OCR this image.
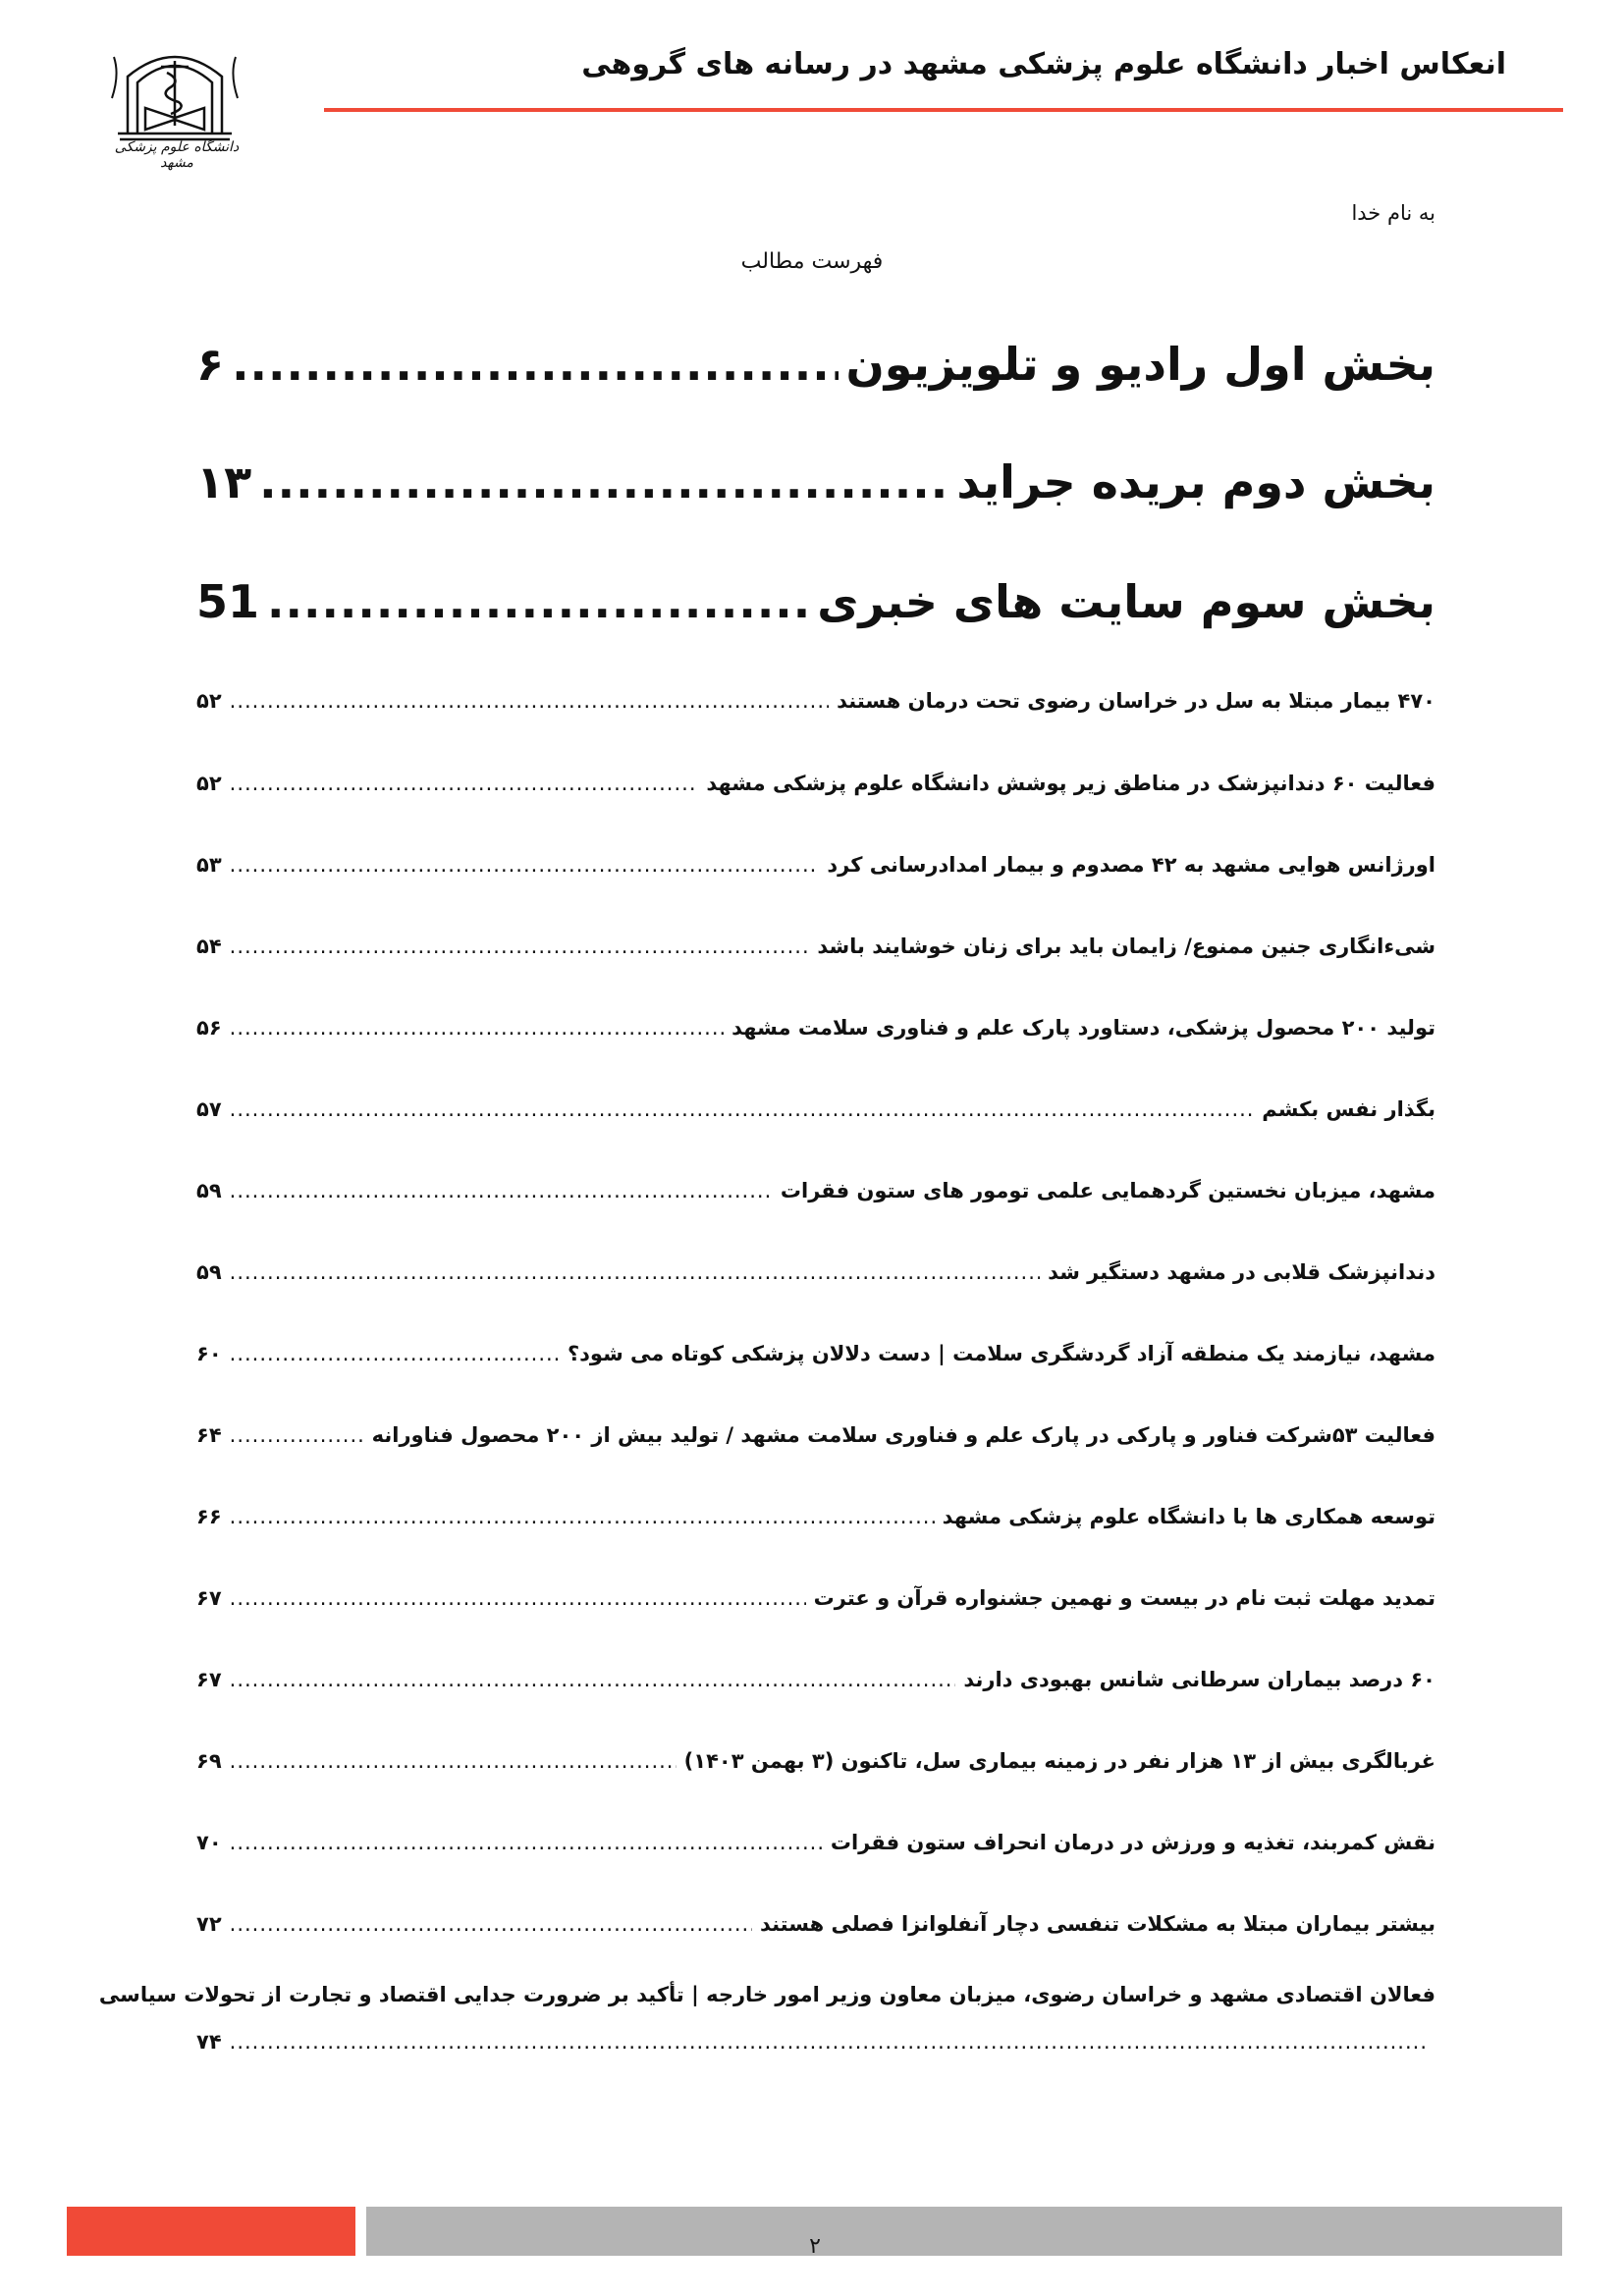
انعکاس اخبار دانشگاه علوم پزشکی مشهد در رسانه های گروهی
دانشگاه علوم پزشکی مشهد
به نام خدا
فهرست مطالب
بخش اول رادیو و تلویزیون
.....
۶
بخش دوم بریده جراید
.....
۱۳
بخش سوم سایت های خبری
.....
51
۴۷۰ بیمار مبتلا به سل در خراسان رضوی تحت درمان هستند
.....
۵۲
فعالیت ۶۰ دندانپزشک در مناطق زیر پوشش دانشگاه علوم پزشکی مشهد
.....
۵۲
اورژانس هوایی مشهد به ۴۲ مصدوم و بیمار امدادرسانی کرد
.....
۵۳
شیءانگاری جنین ممنوع/ زایمان باید برای زنان خوشایند باشد
.....
۵۴
تولید ۲۰۰ محصول پزشکی، دستاورد پارک علم و فناوری سلامت مشهد
.....
۵۶
بگذار نفس بکشم
.....
۵۷
مشهد، میزبان نخستین گردهمایی علمی تومور های ستون فقرات
.....
۵۹
دندانپزشک قلابی در مشهد دستگیر شد
.....
۵۹
مشهد، نیازمند یک منطقه آزاد گردشگری سلامت | دست دلالان پزشکی کوتاه می شود؟
.....
۶۰
فعالیت ۵۳شرکت فناور و پارکی در پارک علم و فناوری سلامت مشهد / تولید بیش از ۲۰۰ محصول فناورانه
.....
۶۴
توسعه همکاری ها با دانشگاه علوم پزشکی مشهد
.....
۶۶
تمدید مهلت ثبت نام در بیست و نهمین جشنواره قرآن و عترت
.....
۶۷
۶۰ درصد بیماران سرطانی شانس بهبودی دارند
.....
۶۷
غربالگری بیش از ۱۳ هزار نفر در زمینه بیماری سل، تاکنون (۳ بهمن ۱۴۰۳)
.....
۶۹
نقش کمربند، تغذیه و ورزش در درمان انحراف ستون فقرات
.....
۷۰
بیشتر بیماران مبتلا به مشکلات تنفسی دچار آنفلوانزا فصلی هستند
.....
۷۲
فعالان اقتصادی مشهد و خراسان رضوی، میزبان معاون وزیر امور خارجه | تأکید بر ضرورت جدایی اقتصاد و تجارت از تحولات سیاسی
.....
۷۴
۲
